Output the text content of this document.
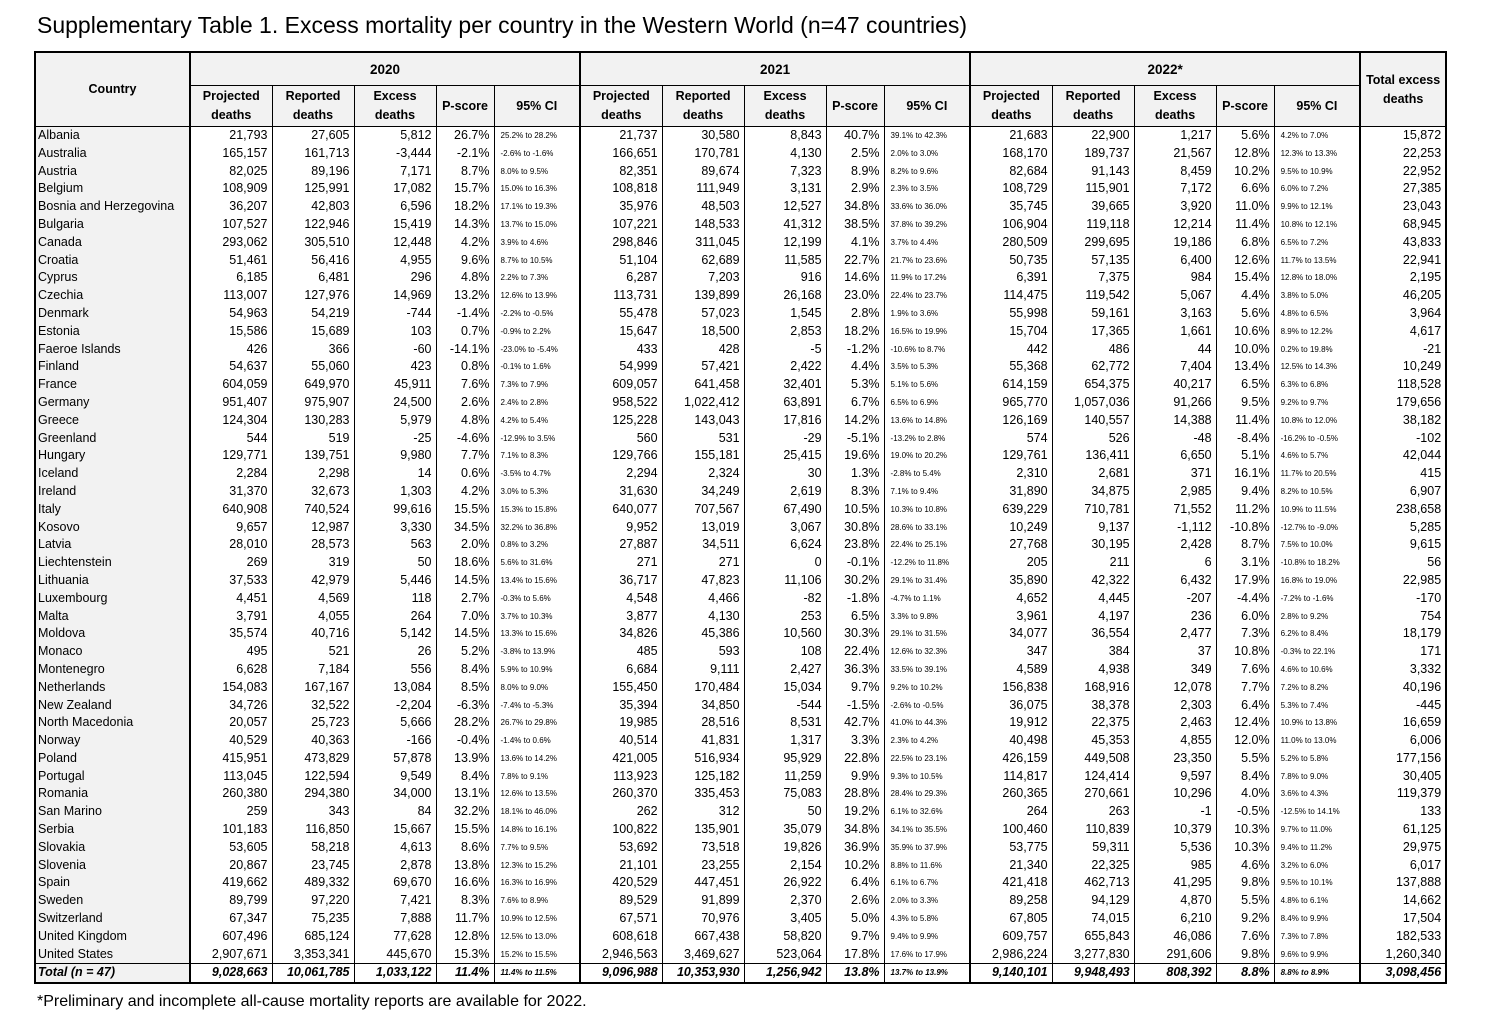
Supplementary Table 1. Excess mortality per country in the Western World (n=47 countries)
Country	2020					2021					2022*					Total excess deaths
	Projected deaths	Reported deaths	Excess deaths	P-score	95% CI	Projected deaths	Reported deaths	Excess deaths	P-score	95% CI	Projected deaths	Reported deaths	Excess deaths	P-score	95% CI	
Albania	21,793	27,605	5,812	26.7%	25.2% to 28.2%	21,737	30,580	8,843	40.7%	39.1% to 42.3%	21,683	22,900	1,217	5.6%	4.2% to 7.0%	15,872
Australia	165,157	161,713	-3,444	-2.1%	-2.6% to -1.6%	166,651	170,781	4,130	2.5%	2.0% to 3.0%	168,170	189,737	21,567	12.8%	12.3% to 13.3%	22,253
Austria	82,025	89,196	7,171	8.7%	8.0% to 9.5%	82,351	89,674	7,323	8.9%	8.2% to 9.6%	82,684	91,143	8,459	10.2%	9.5% to 10.9%	22,952
Belgium	108,909	125,991	17,082	15.7%	15.0% to 16.3%	108,818	111,949	3,131	2.9%	2.3% to 3.5%	108,729	115,901	7,172	6.6%	6.0% to 7.2%	27,385
Bosnia and Herzegovina	36,207	42,803	6,596	18.2%	17.1% to 19.3%	35,976	48,503	12,527	34.8%	33.6% to 36.0%	35,745	39,665	3,920	11.0%	9.9% to 12.1%	23,043
Bulgaria	107,527	122,946	15,419	14.3%	13.7% to 15.0%	107,221	148,533	41,312	38.5%	37.8% to 39.2%	106,904	119,118	12,214	11.4%	10.8% to 12.1%	68,945
Canada	293,062	305,510	12,448	4.2%	3.9% to 4.6%	298,846	311,045	12,199	4.1%	3.7% to 4.4%	280,509	299,695	19,186	6.8%	6.5% to 7.2%	43,833
Croatia	51,461	56,416	4,955	9.6%	8.7% to 10.5%	51,104	62,689	11,585	22.7%	21.7% to 23.6%	50,735	57,135	6,400	12.6%	11.7% to 13.5%	22,941
Cyprus	6,185	6,481	296	4.8%	2.2% to 7.3%	6,287	7,203	916	14.6%	11.9% to 17.2%	6,391	7,375	984	15.4%	12.8% to 18.0%	2,195
Czechia	113,007	127,976	14,969	13.2%	12.6% to 13.9%	113,731	139,899	26,168	23.0%	22.4% to 23.7%	114,475	119,542	5,067	4.4%	3.8% to 5.0%	46,205
Denmark	54,963	54,219	-744	-1.4%	-2.2% to -0.5%	55,478	57,023	1,545	2.8%	1.9% to 3.6%	55,998	59,161	3,163	5.6%	4.8% to 6.5%	3,964
Estonia	15,586	15,689	103	0.7%	-0.9% to 2.2%	15,647	18,500	2,853	18.2%	16.5% to 19.9%	15,704	17,365	1,661	10.6%	8.9% to 12.2%	4,617
Faeroe Islands	426	366	-60	-14.1%	-23.0% to -5.4%	433	428	-5	-1.2%	-10.6% to 8.7%	442	486	44	10.0%	0.2% to 19.8%	-21
Finland	54,637	55,060	423	0.8%	-0.1% to 1.6%	54,999	57,421	2,422	4.4%	3.5% to 5.3%	55,368	62,772	7,404	13.4%	12.5% to 14.3%	10,249
France	604,059	649,970	45,911	7.6%	7.3% to 7.9%	609,057	641,458	32,401	5.3%	5.1% to 5.6%	614,159	654,375	40,217	6.5%	6.3% to 6.8%	118,528
Germany	951,407	975,907	24,500	2.6%	2.4% to 2.8%	958,522	1,022,412	63,891	6.7%	6.5% to 6.9%	965,770	1,057,036	91,266	9.5%	9.2% to 9.7%	179,656
Greece	124,304	130,283	5,979	4.8%	4.2% to 5.4%	125,228	143,043	17,816	14.2%	13.6% to 14.8%	126,169	140,557	14,388	11.4%	10.8% to 12.0%	38,182
Greenland	544	519	-25	-4.6%	-12.9% to 3.5%	560	531	-29	-5.1%	-13.2% to 2.8%	574	526	-48	-8.4%	-16.2% to -0.5%	-102
Hungary	129,771	139,751	9,980	7.7%	7.1% to 8.3%	129,766	155,181	25,415	19.6%	19.0% to 20.2%	129,761	136,411	6,650	5.1%	4.6% to 5.7%	42,044
Iceland	2,284	2,298	14	0.6%	-3.5% to 4.7%	2,294	2,324	30	1.3%	-2.8% to 5.4%	2,310	2,681	371	16.1%	11.7% to 20.5%	415
Ireland	31,370	32,673	1,303	4.2%	3.0% to 5.3%	31,630	34,249	2,619	8.3%	7.1% to 9.4%	31,890	34,875	2,985	9.4%	8.2% to 10.5%	6,907
Italy	640,908	740,524	99,616	15.5%	15.3% to 15.8%	640,077	707,567	67,490	10.5%	10.3% to 10.8%	639,229	710,781	71,552	11.2%	10.9% to 11.5%	238,658
Kosovo	9,657	12,987	3,330	34.5%	32.2% to 36.8%	9,952	13,019	3,067	30.8%	28.6% to 33.1%	10,249	9,137	-1,112	-10.8%	-12.7% to -9.0%	5,285
Latvia	28,010	28,573	563	2.0%	0.8% to 3.2%	27,887	34,511	6,624	23.8%	22.4% to 25.1%	27,768	30,195	2,428	8.7%	7.5% to 10.0%	9,615
Liechtenstein	269	319	50	18.6%	5.6% to 31.6%	271	271	0	-0.1%	-12.2% to 11.8%	205	211	6	3.1%	-10.8% to 18.2%	56
Lithuania	37,533	42,979	5,446	14.5%	13.4% to 15.6%	36,717	47,823	11,106	30.2%	29.1% to 31.4%	35,890	42,322	6,432	17.9%	16.8% to 19.0%	22,985
Luxembourg	4,451	4,569	118	2.7%	-0.3% to 5.6%	4,548	4,466	-82	-1.8%	-4.7% to 1.1%	4,652	4,445	-207	-4.4%	-7.2% to -1.6%	-170
Malta	3,791	4,055	264	7.0%	3.7% to 10.3%	3,877	4,130	253	6.5%	3.3% to 9.8%	3,961	4,197	236	6.0%	2.8% to 9.2%	754
Moldova	35,574	40,716	5,142	14.5%	13.3% to 15.6%	34,826	45,386	10,560	30.3%	29.1% to 31.5%	34,077	36,554	2,477	7.3%	6.2% to 8.4%	18,179
Monaco	495	521	26	5.2%	-3.8% to 13.9%	485	593	108	22.4%	12.6% to 32.3%	347	384	37	10.8%	-0.3% to 22.1%	171
Montenegro	6,628	7,184	556	8.4%	5.9% to 10.9%	6,684	9,111	2,427	36.3%	33.5% to 39.1%	4,589	4,938	349	7.6%	4.6% to 10.6%	3,332
Netherlands	154,083	167,167	13,084	8.5%	8.0% to 9.0%	155,450	170,484	15,034	9.7%	9.2% to 10.2%	156,838	168,916	12,078	7.7%	7.2% to 8.2%	40,196
New Zealand	34,726	32,522	-2,204	-6.3%	-7.4% to -5.3%	35,394	34,850	-544	-1.5%	-2.6% to -0.5%	36,075	38,378	2,303	6.4%	5.3% to 7.4%	-445
North Macedonia	20,057	25,723	5,666	28.2%	26.7% to 29.8%	19,985	28,516	8,531	42.7%	41.0% to 44.3%	19,912	22,375	2,463	12.4%	10.9% to 13.8%	16,659
Norway	40,529	40,363	-166	-0.4%	-1.4% to 0.6%	40,514	41,831	1,317	3.3%	2.3% to 4.2%	40,498	45,353	4,855	12.0%	11.0% to 13.0%	6,006
Poland	415,951	473,829	57,878	13.9%	13.6% to 14.2%	421,005	516,934	95,929	22.8%	22.5% to 23.1%	426,159	449,508	23,350	5.5%	5.2% to 5.8%	177,156
Portugal	113,045	122,594	9,549	8.4%	7.8% to 9.1%	113,923	125,182	11,259	9.9%	9.3% to 10.5%	114,817	124,414	9,597	8.4%	7.8% to 9.0%	30,405
Romania	260,380	294,380	34,000	13.1%	12.6% to 13.5%	260,370	335,453	75,083	28.8%	28.4% to 29.3%	260,365	270,661	10,296	4.0%	3.6% to 4.3%	119,379
San Marino	259	343	84	32.2%	18.1% to 46.0%	262	312	50	19.2%	6.1% to 32.6%	264	263	-1	-0.5%	-12.5% to 14.1%	133
Serbia	101,183	116,850	15,667	15.5%	14.8% to 16.1%	100,822	135,901	35,079	34.8%	34.1% to 35.5%	100,460	110,839	10,379	10.3%	9.7% to 11.0%	61,125
Slovakia	53,605	58,218	4,613	8.6%	7.7% to 9.5%	53,692	73,518	19,826	36.9%	35.9% to 37.9%	53,775	59,311	5,536	10.3%	9.4% to 11.2%	29,975
Slovenia	20,867	23,745	2,878	13.8%	12.3% to 15.2%	21,101	23,255	2,154	10.2%	8.8% to 11.6%	21,340	22,325	985	4.6%	3.2% to 6.0%	6,017
Spain	419,662	489,332	69,670	16.6%	16.3% to 16.9%	420,529	447,451	26,922	6.4%	6.1% to 6.7%	421,418	462,713	41,295	9.8%	9.5% to 10.1%	137,888
Sweden	89,799	97,220	7,421	8.3%	7.6% to 8.9%	89,529	91,899	2,370	2.6%	2.0% to 3.3%	89,258	94,129	4,870	5.5%	4.8% to 6.1%	14,662
Switzerland	67,347	75,235	7,888	11.7%	10.9% to 12.5%	67,571	70,976	3,405	5.0%	4.3% to 5.8%	67,805	74,015	6,210	9.2%	8.4% to 9.9%	17,504
United Kingdom	607,496	685,124	77,628	12.8%	12.5% to 13.0%	608,618	667,438	58,820	9.7%	9.4% to 9.9%	609,757	655,843	46,086	7.6%	7.3% to 7.8%	182,533
United States	2,907,671	3,353,341	445,670	15.3%	15.2% to 15.5%	2,946,563	3,469,627	523,064	17.8%	17.6% to 17.9%	2,986,224	3,277,830	291,606	9.8%	9.6% to 9.9%	1,260,340
Total (n = 47)	9,028,663	10,061,785	1,033,122	11.4%	11.4% to 11.5%	9,096,988	10,353,930	1,256,942	13.8%	13.7% to 13.9%	9,140,101	9,948,493	808,392	8.8%	8.8% to 8.9%	3,098,456
*Preliminary and incomplete all-cause mortality reports are available for 2022.
